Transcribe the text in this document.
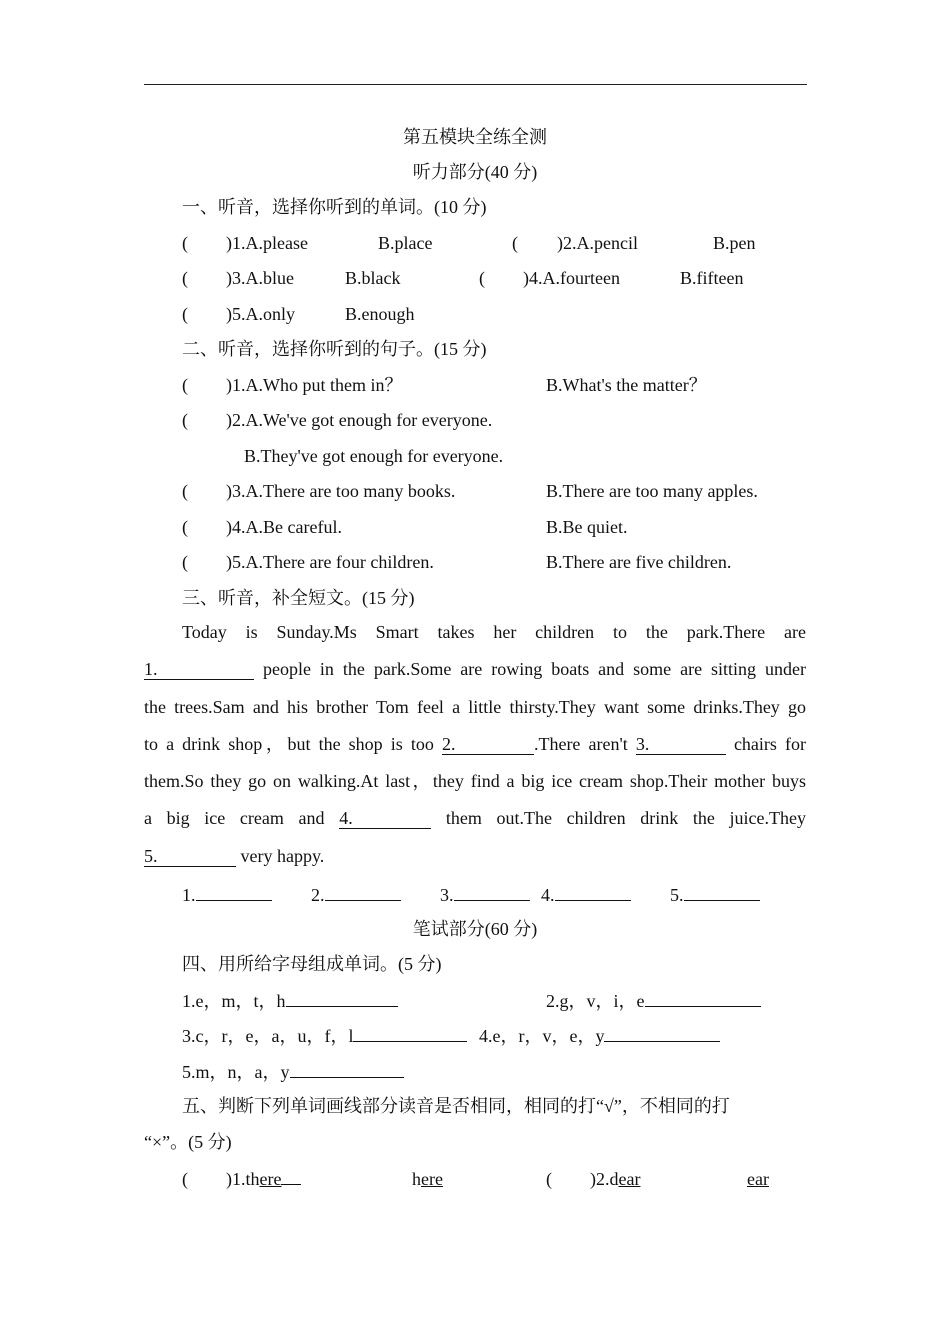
第五模块全练全测
听力部分(40 分)
一、听音，选择你听到的单词。(10 分)
( )1.A.please	B.place	( )2.A.pencil	B.pen
( )3.A.blue	B.black	( )4.A.fourteen	B.fifteen
( )5.A.only	B.enough
二、听音，选择你听到的句子。(15 分)
( )1.A.Who put them in？	B.What's the matter？
( )2.A.We've got enough for everyone.
B.They've got enough for everyone.
( )3.A.There are too many books.	B.There are too many apples.
( )4.A.Be careful.	B.Be quiet.
( )5.A.There are four children.	B.There are five children.
三、听音，补全短文。(15 分)
Today is Sunday.Ms Smart takes her children to the park.There are
1.	people in the park.Some are rowing boats and some are sitting under
the trees.Sam and his brother Tom feel a little thirsty.They want some drinks.They go
to a drink shop，but the shop is too 2.	.There aren't 3.	chairs for
them.So they go on walking.At last，they find a big ice cream shop.Their mother buys
a big ice cream and 4.	them out.The children drink the juice.They
5.	very happy.
1.	2.	3.	4.	5.
笔试部分(60 分)
四、用所给字母组成单词。(5 分)
1.e，m，t，h	2.g，v，i，e
3.c，r，e，a，u，f，l	4.e，r，v，e，y
5.m，n，a，y
五、判断下列单词画线部分读音是否相同，相同的打“√”，不相同的打
“×”。(5 分)
( )1.there	here	( )2.dear	ear
